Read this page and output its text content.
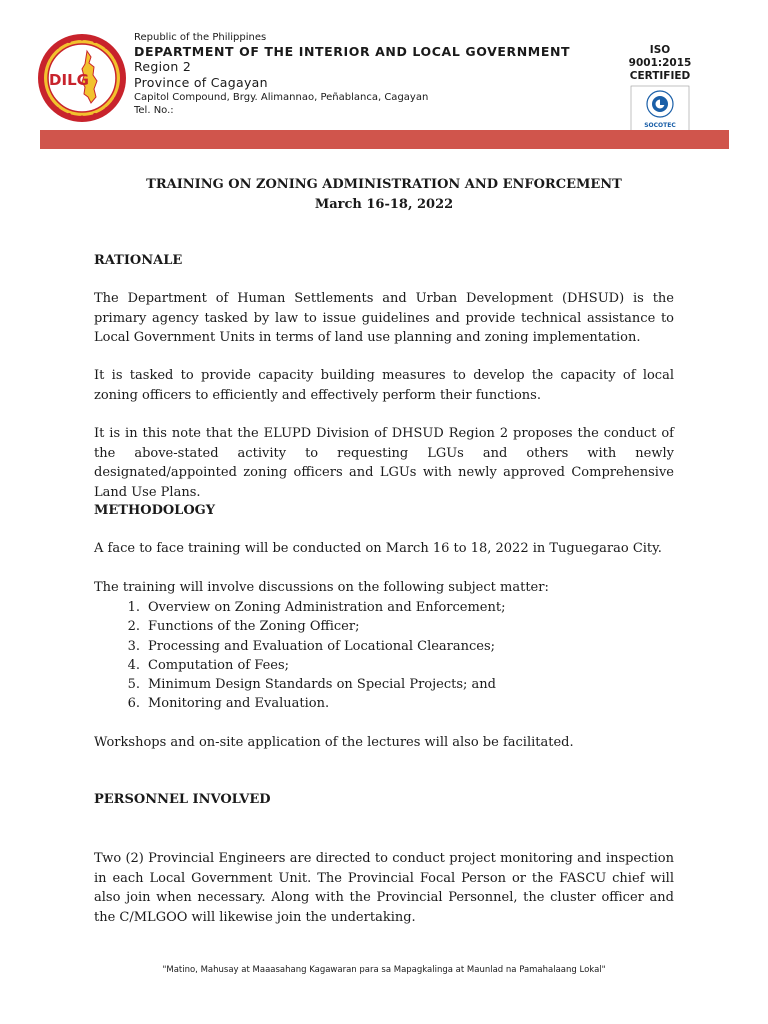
DILG
Republic of the Philippines
DEPARTMENT OF THE INTERIOR AND LOCAL GOVERNMENT
Region 2
Province of Cagayan
Capitol Compound, Brgy. Alimannao, Peñablanca, Cagayan
Tel. No.:
ISO 9001:2015
CERTIFIED
SOCOTEC
TRAINING ON ZONING ADMINISTRATION AND ENFORCEMENT
March 16-18, 2022
RATIONALE
The Department of Human Settlements and Urban Development (DHSUD) is the primary agency tasked by law to issue guidelines and provide technical assistance to Local Government Units in terms of land use planning and zoning implementation.
It is tasked to provide capacity building measures to develop the capacity of local zoning officers to efficiently and effectively perform their functions.
It is in this note that the ELUPD Division of DHSUD Region 2 proposes the conduct of the above-stated activity to requesting LGUs and others with newly designated/appointed zoning officers and LGUs with newly approved Comprehensive Land Use Plans.
METHODOLOGY
A face to face training will be conducted on March 16 to 18, 2022 in Tuguegarao City.
The training will involve discussions on the following subject matter:
1. Overview on Zoning Administration and Enforcement;
2. Functions of the Zoning Officer;
3. Processing and Evaluation of Locational Clearances;
4. Computation of Fees;
5. Minimum Design Standards on Special Projects; and
6. Monitoring and Evaluation.
Workshops and on-site application of the lectures will also be facilitated.
PERSONNEL INVOLVED
Two (2) Provincial Engineers are directed to conduct project monitoring and inspection in each Local Government Unit. The Provincial Focal Person or the FASCU chief will also join when necessary. Along with the Provincial Personnel, the cluster officer and the C/MLGOO will likewise join the undertaking.
"Matino, Mahusay at Maaasahang Kagawaran para sa Mapagkalinga at Maunlad na Pamahalaang Lokal"
